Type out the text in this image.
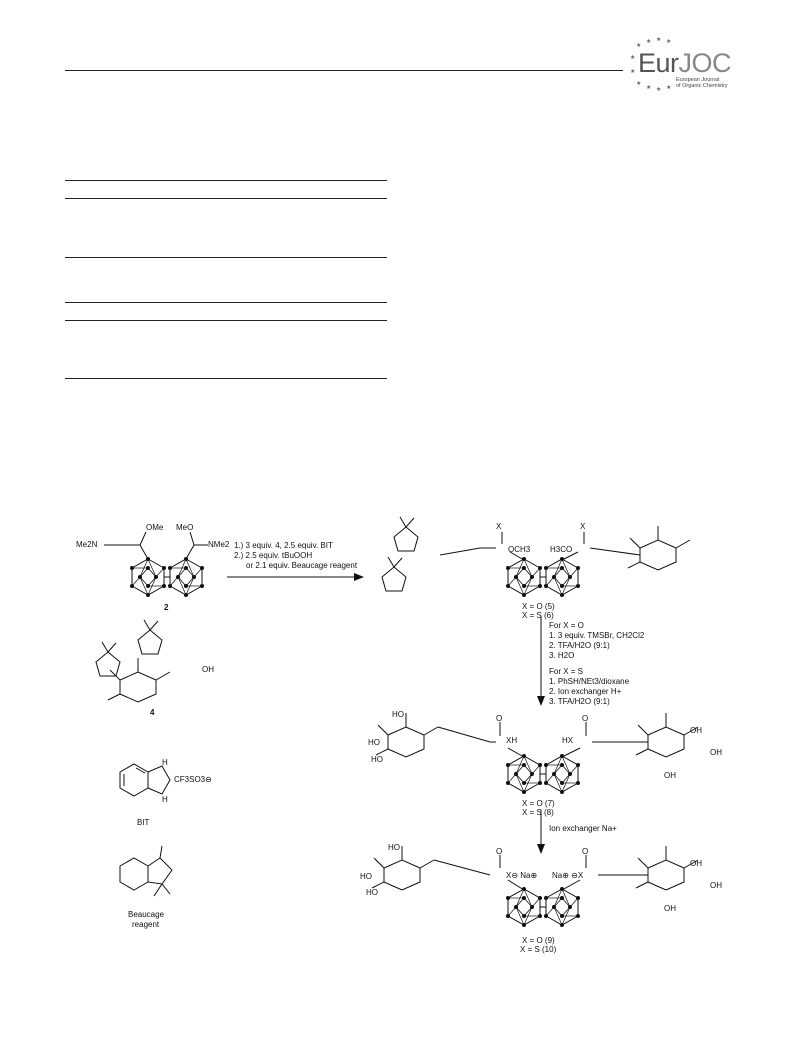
★
★ ★ ★
★
★
★
★ ★ ★
EurJOC
European Journal
of Organic Chemistry
Me2N
OMe MeO
NMe2
2
OH
4
H
H
CF3SO3⊖
BIT
Beaucage
reagent
1.) 3 equiv. 4, 2.5 equiv. BIT
2.) 2.5 equiv. tBuOOH
or 2.1 equiv. Beaucage reagent
X	X
OCH3 H3CO
X = O (5)
X = S (6)
For X = O
1. 3 equiv. TMSBr, CH2Cl2
2. TFA/H2O (9:1)
3. H2O
For X = S
1. PhSH/NEt3/dioxane
2. Ion exchanger H+
3. TFA/H2O (9:1)
HO
HO
HO
O	O
XH	HX
OH
OH
OH
X = O (7)
X = S (8)
Ion exchanger Na+
HO
HO
HO
O	O
X⊖ Na⊕ Na⊕ ⊖X
OH
OH
OH
X = O (9)
X = S (10)
